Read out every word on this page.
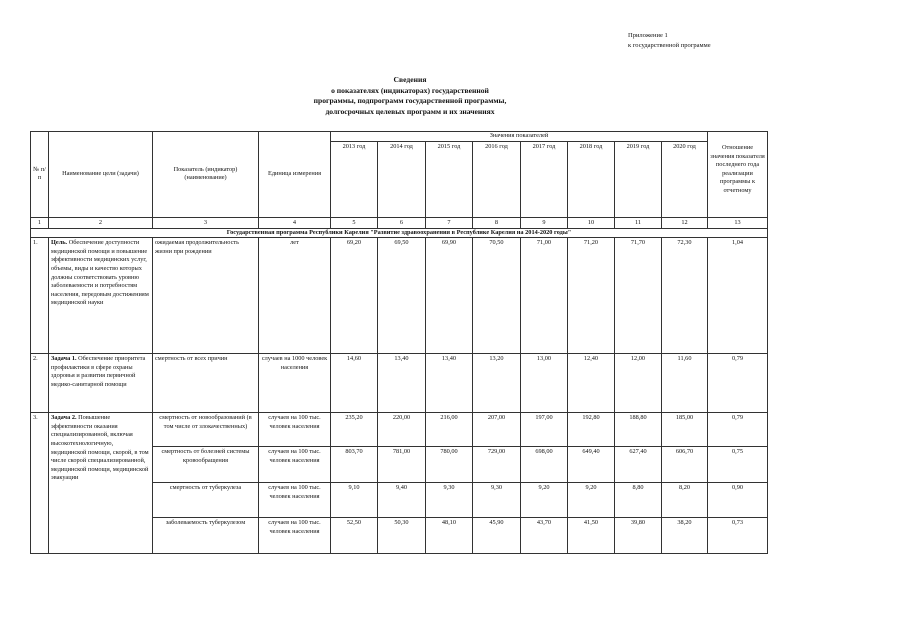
Приложение 1
к государственной программе
Сведения
о показателях (индикаторах) государственной
программы, подпрограмм государственной программы,
долгосрочных целевых программ и их значениях
№ п/п	Наименование цели (задачи)	Показатель (индикатор) (наименование)	Единица измерения	Значения показателей								Отношение значения показателя последнего года реализации программы к отчетному
				2013 год	2014 год	2015 год	2016 год	2017 год	2018 год	2019 год	2020 год	
1	2	3	4	5	6	7	8	9	10	11	12	13
Государственная программа Республики Карелия "Развитие здравоохранения в Республике Карелия на 2014-2020 годы"												
1.	Цель. Обеспечение доступности медицинской помощи и повышение эффективности медицинских услуг, объемы, виды и качество которых должны соответствовать уровню заболеваемости и потребностям населения, передовым достижениям медицинской науки	ожидаемая продолжительность жизни при рождении	лет	69,20	69,50	69,90	70,50	71,00	71,20	71,70	72,30	1,04
2.	Задача 1. Обеспечение приоритета профилактики в сфере охраны здоровья и развития первичной медико-санитарной помощи	смертность от всех причин	случаев на 1000 человек населения	14,60	13,40	13,40	13,20	13,00	12,40	12,00	11,60	0,79
3.	Задача 2. Повышение эффективности оказания специализированной, включая высокотехнологичную, медицинской помощи, скорой, в том числе скорой специализированной, медицинской помощи, медицинской эвакуации	смертность от новообразований (в том числе от злокачественных)	случаев на 100 тыс. человек населения	235,20	220,00	216,00	207,00	197,00	192,80	188,80	185,00	0,79
		смертность от болезней системы кровообращения	случаев на 100 тыс. человек населения	803,70	781,00	780,00	729,00	698,00	649,40	627,40	606,70	0,75
		смертность от туберкулеза	случаев на 100 тыс. человек населения	9,10	9,40	9,30	9,30	9,20	9,20	8,80	8,20	0,90
		заболеваемость туберкулезом	случаев на 100 тыс. человек населения	52,50	50,30	48,10	45,90	43,70	41,50	39,80	38,20	0,73
